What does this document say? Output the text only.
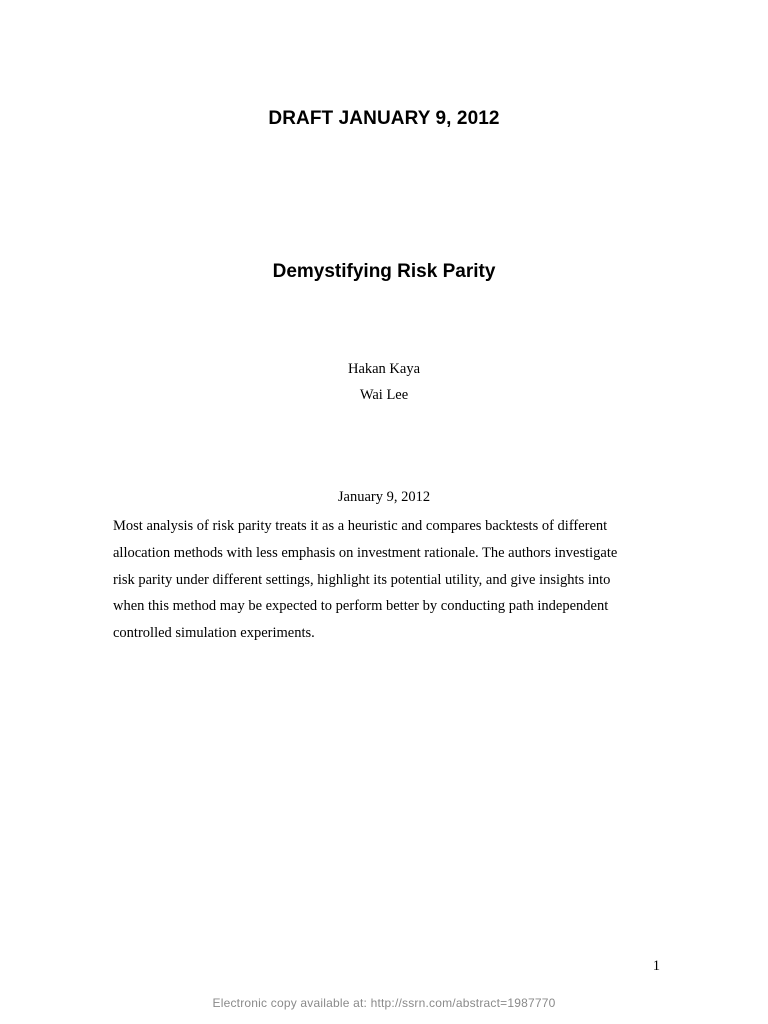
DRAFT JANUARY 9, 2012
Demystifying Risk Parity
Hakan Kaya
Wai Lee
January 9, 2012

Most analysis of risk parity treats it as a heuristic and compares backtests of different
allocation methods with less emphasis on investment rationale. The authors investigate
risk parity under different settings, highlight its potential utility, and give insights into
when this method may be expected to perform better by conducting path independent
controlled simulation experiments.

1
Electronic copy available at: http://ssrn.com/abstract=1987770
